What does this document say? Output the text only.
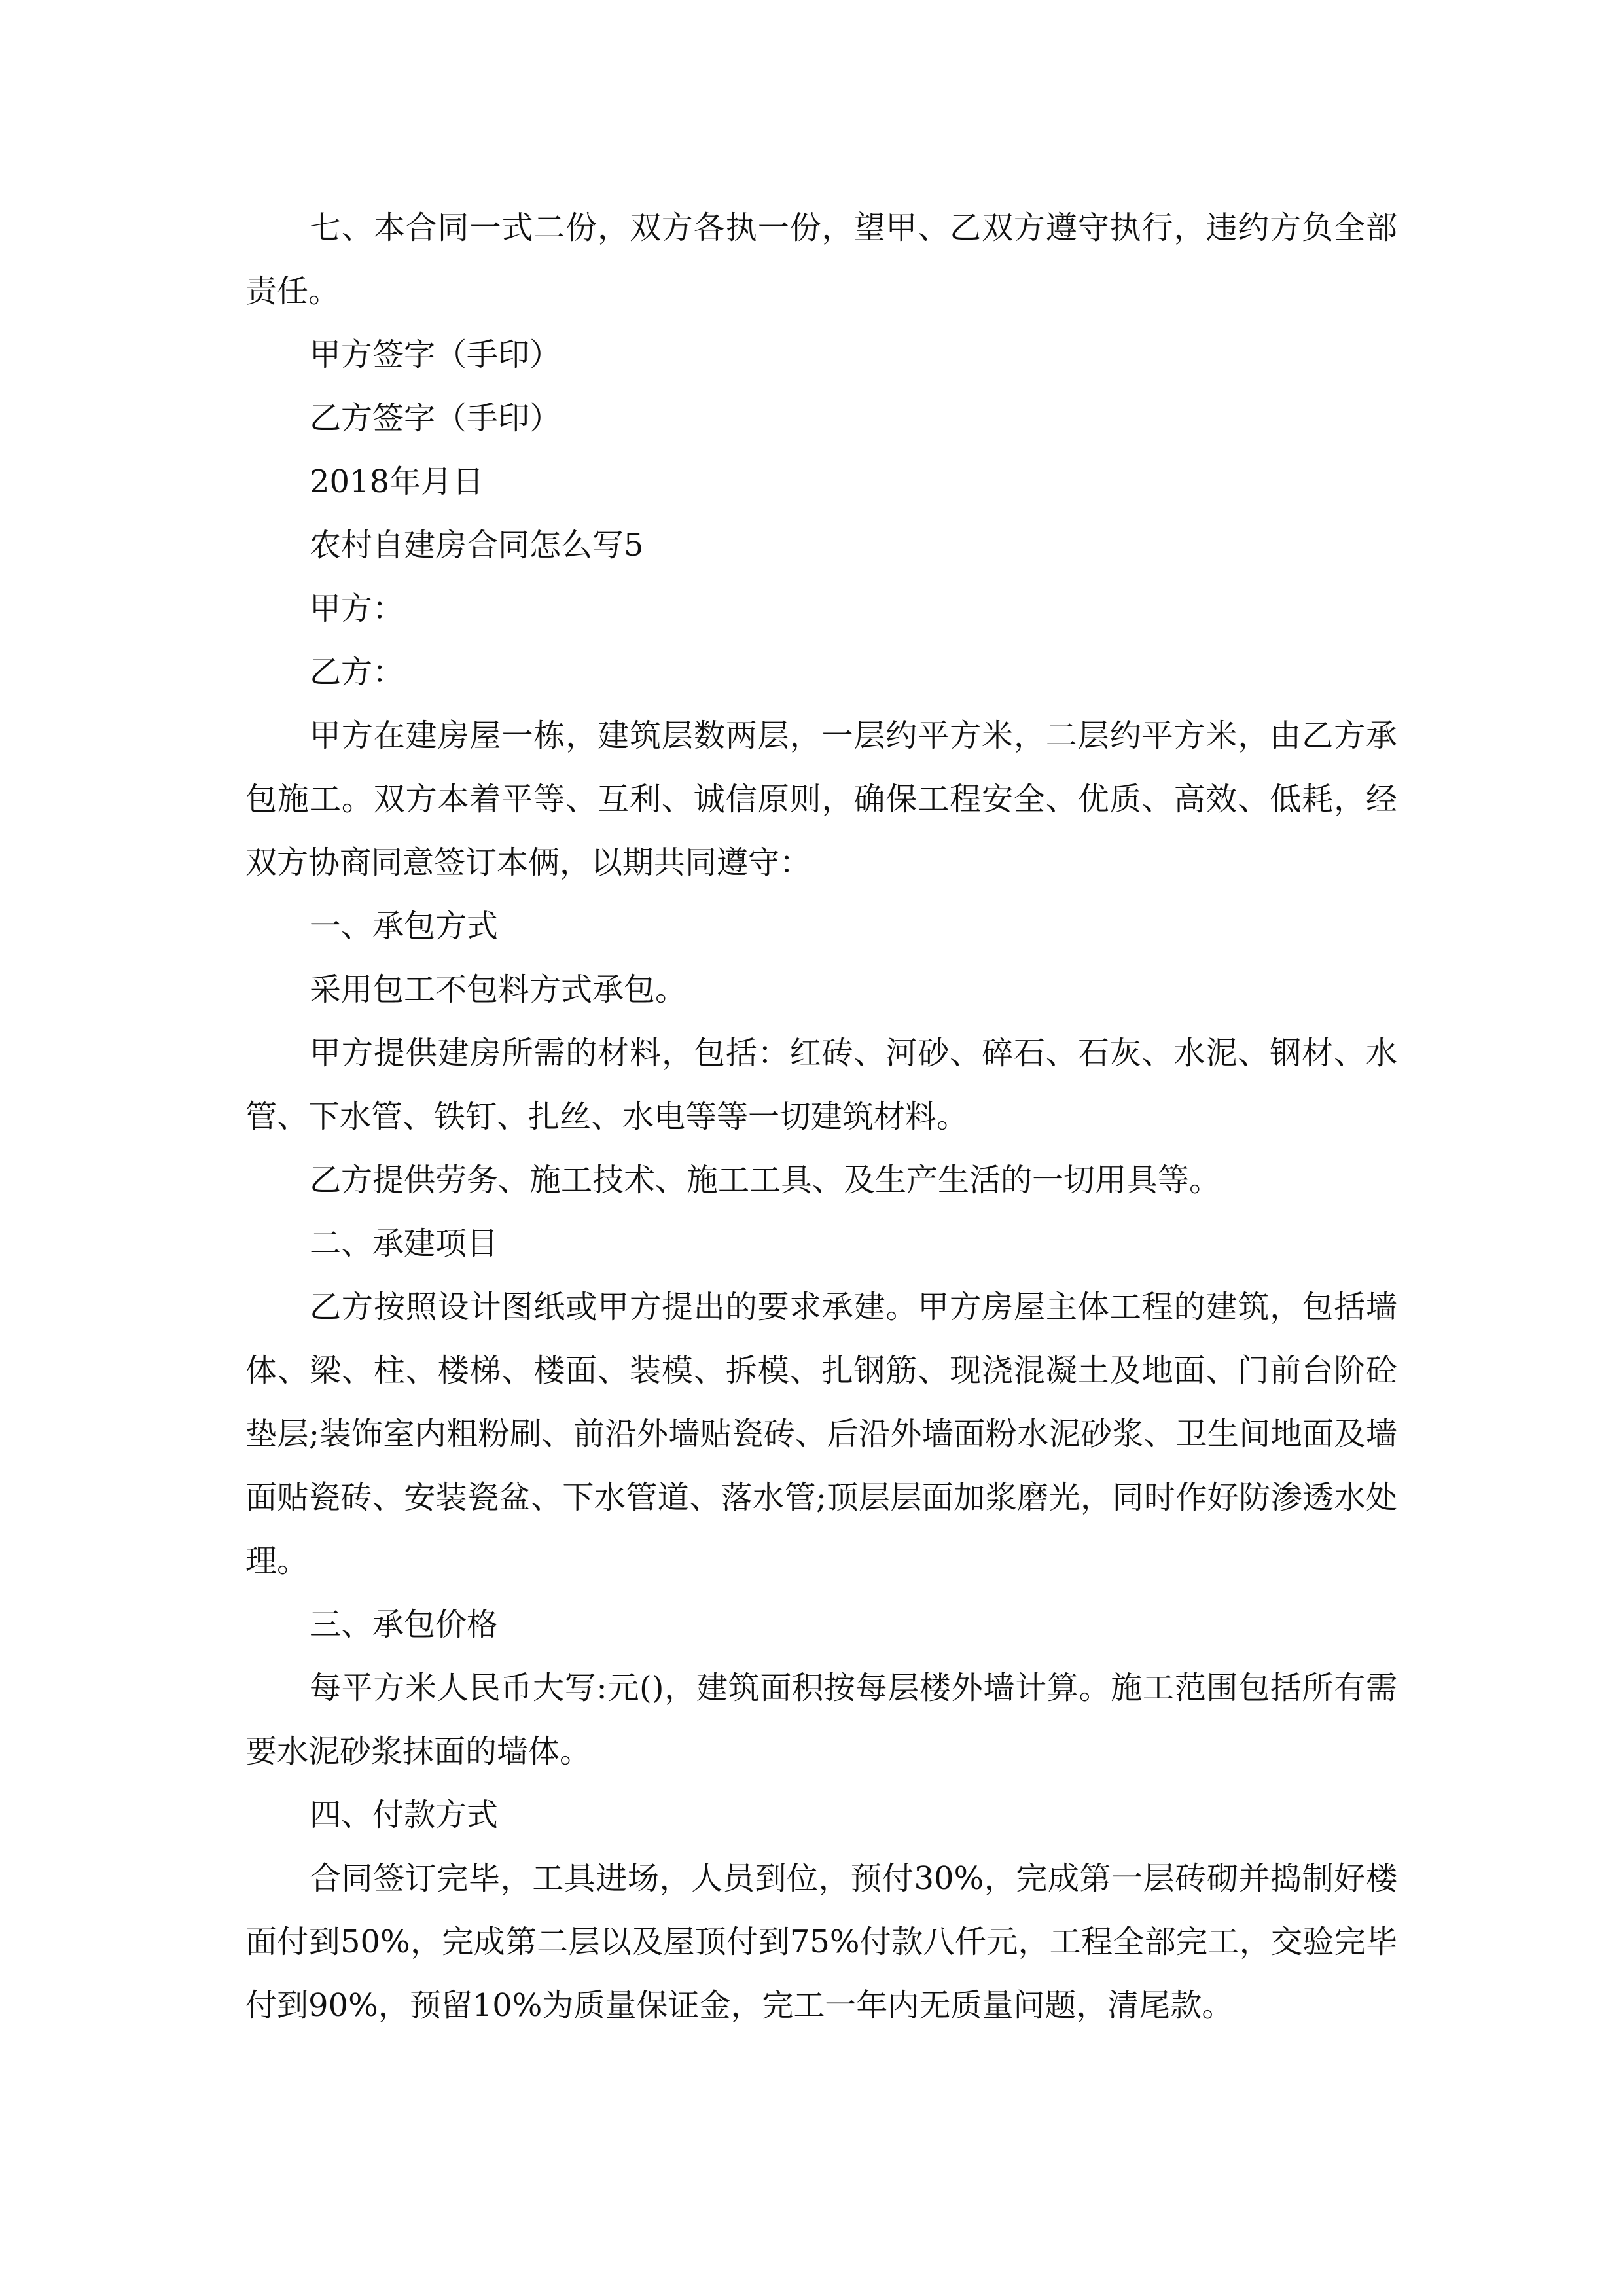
七、本合同一式二份，双方各执一份，望甲、乙双方遵守执行，违约方负全部责任。

甲方签字（手印）

乙方签字（手印）

2018年月日

农村自建房合同怎么写5

甲方：

乙方：

甲方在建房屋一栋，建筑层数两层，一层约平方米，二层约平方米，由乙方承包施工。双方本着平等、互利、诚信原则，确保工程安全、优质、高效、低耗，经双方协商同意签订本俩，以期共同遵守：

一、承包方式

采用包工不包料方式承包。

甲方提供建房所需的材料，包括：红砖、河砂、碎石、石灰、水泥、钢材、水管、下水管、铁钉、扎丝、水电等等一切建筑材料。

乙方提供劳务、施工技术、施工工具、及生产生活的一切用具等。

二、承建项目

乙方按照设计图纸或甲方提出的要求承建。甲方房屋主体工程的建筑，包括墙体、梁、柱、楼梯、楼面、装模、拆模、扎钢筋、现浇混凝土及地面、门前台阶砼垫层;装饰室内粗粉刷、前沿外墙贴瓷砖、后沿外墙面粉水泥砂浆、卫生间地面及墙面贴瓷砖、安装瓷盆、下水管道、落水管;顶层层面加浆磨光，同时作好防渗透水处理。

三、承包价格

每平方米人民币大写:元()，建筑面积按每层楼外墙计算。施工范围包括所有需要水泥砂浆抹面的墙体。

四、付款方式

合同签订完毕，工具进场，人员到位，预付30%，完成第一层砖砌并捣制好楼面付到50%，完成第二层以及屋顶付到75%付款八仟元，工程全部完工，交验完毕付到90%，预留10%为质量保证金，完工一年内无质量问题，清尾款。
